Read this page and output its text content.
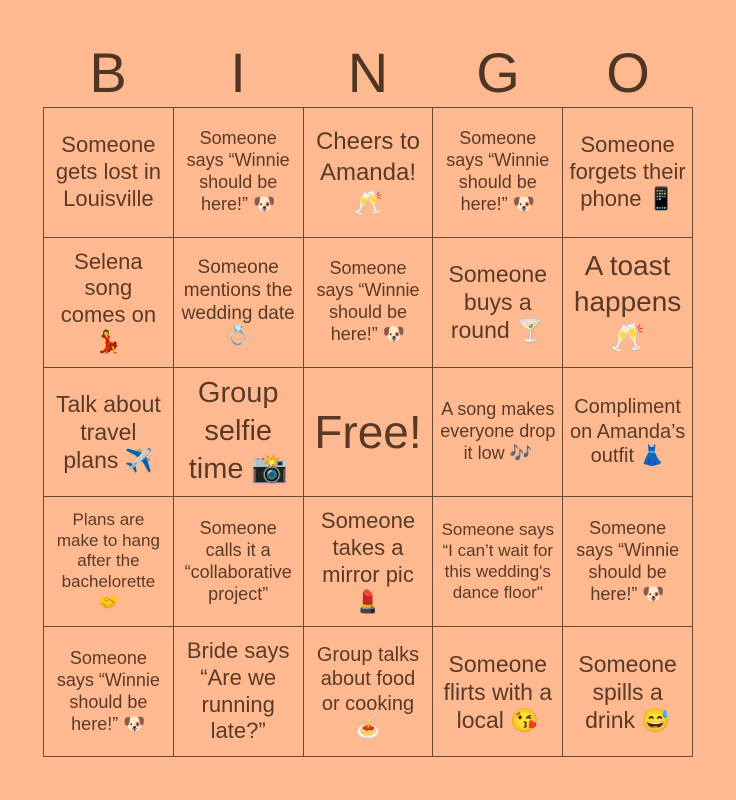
B	I	N	G	O
Someone gets lost in Louisville
Someone says “Winnie should be here!” 🐶
Cheers to Amanda! 🥂
Someone says “Winnie should be here!” 🐶
Someone forgets their phone 📱
Selena song comes on 💃
Someone mentions the wedding date 💍
Someone says “Winnie should be here!” 🐶
Someone buys a round 🍸
A toast happens 🥂
Talk about travel plans ✈️
Group selfie time 📸
Free!	A song makes everyone drop it low 🎶
Compliment on Amanda’s outfit 👗
Plans are make to hang after the bachelorette 🤝
Someone calls it a “collaborative project”
Someone takes a mirror pic 💄
Someone says “I can’t wait for this wedding's dance floor"
Someone says “Winnie should be here!” 🐶
Someone says “Winnie should be here!” 🐶
Bride says “Are we running late?”
Group talks about food or cooking 🍝
Someone flirts with a local 😘
Someone spills a drink 😅
